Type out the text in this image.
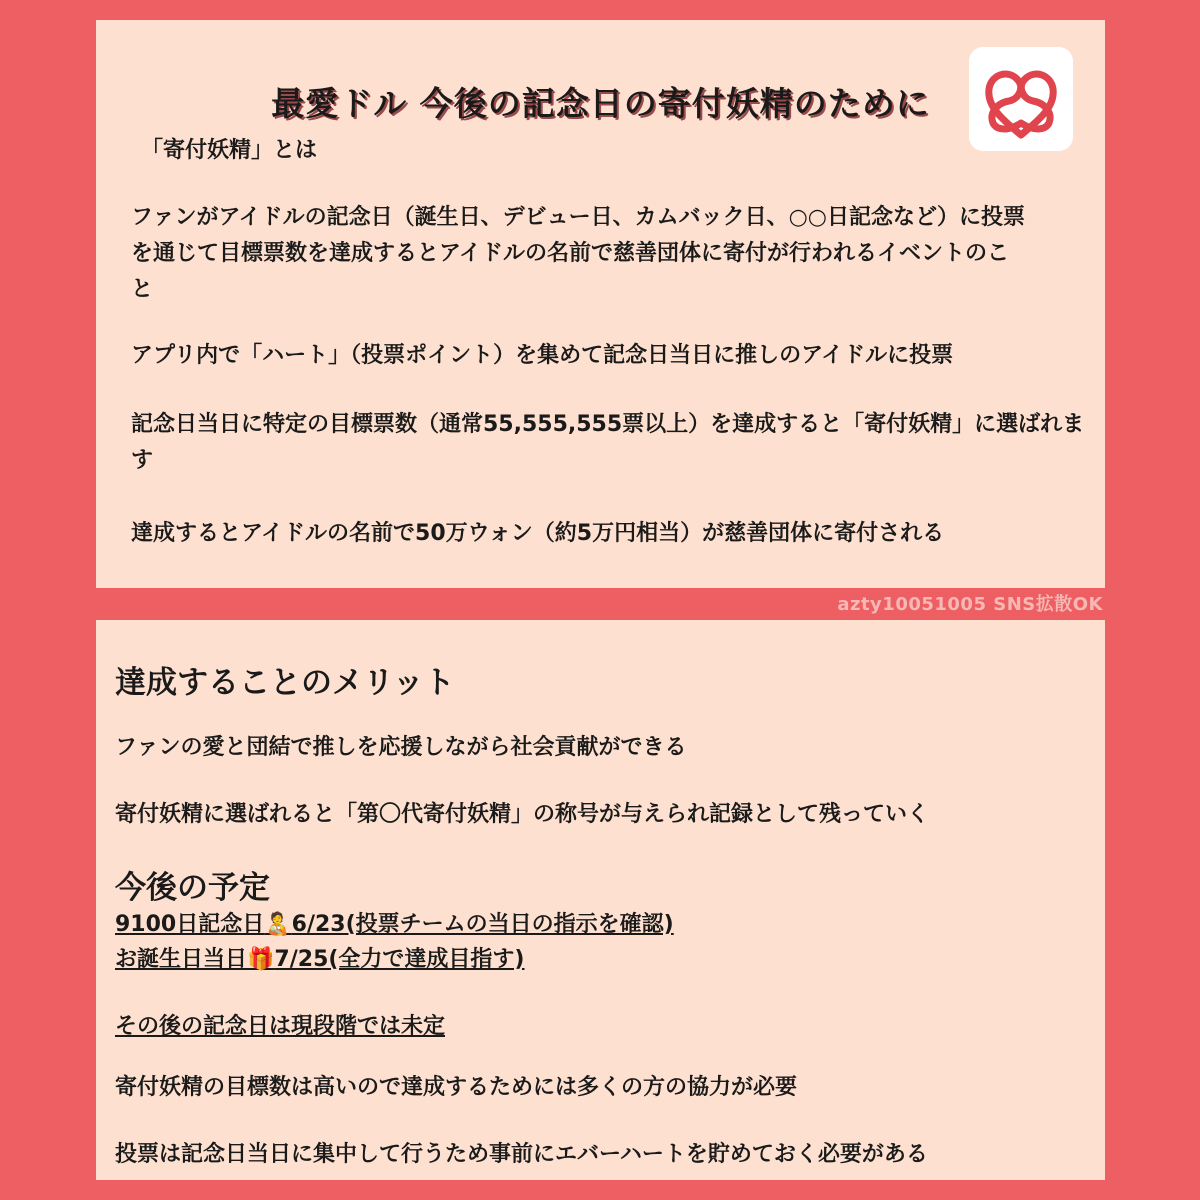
最愛ドル 今後の記念日の寄付妖精のために
「寄付妖精」とは
ファンがアイドルの記念日（誕生日、デビュー日、カムバック日、○○日記念など）に投票を通じて目標票数を達成するとアイドルの名前で慈善団体に寄付が行われるイベントのこと
アプリ内で「ハート」（投票ポイント）を集めて記念日当日に推しのアイドルに投票
記念日当日に特定の目標票数（通常55,555,555票以上）を達成すると「寄付妖精」に選ばれます
達成するとアイドルの名前で50万ウォン（約5万円相当）が慈善団体に寄付される
azty10051005 SNS拡散OK
達成することのメリット
ファンの愛と団結で推しを応援しながら社会貢献ができる
寄付妖精に選ばれると「第〇代寄付妖精」の称号が与えられ記録として残っていく
今後の予定
9100日記念日🧑‍🍼6/23(投票チームの当日の指示を確認)
お誕生日当日🎁7/25(全力で達成目指す)
その後の記念日は現段階では未定
寄付妖精の目標数は高いので達成するためには多くの方の協力が必要
投票は記念日当日に集中して行うため事前にエバーハートを貯めておく必要がある
